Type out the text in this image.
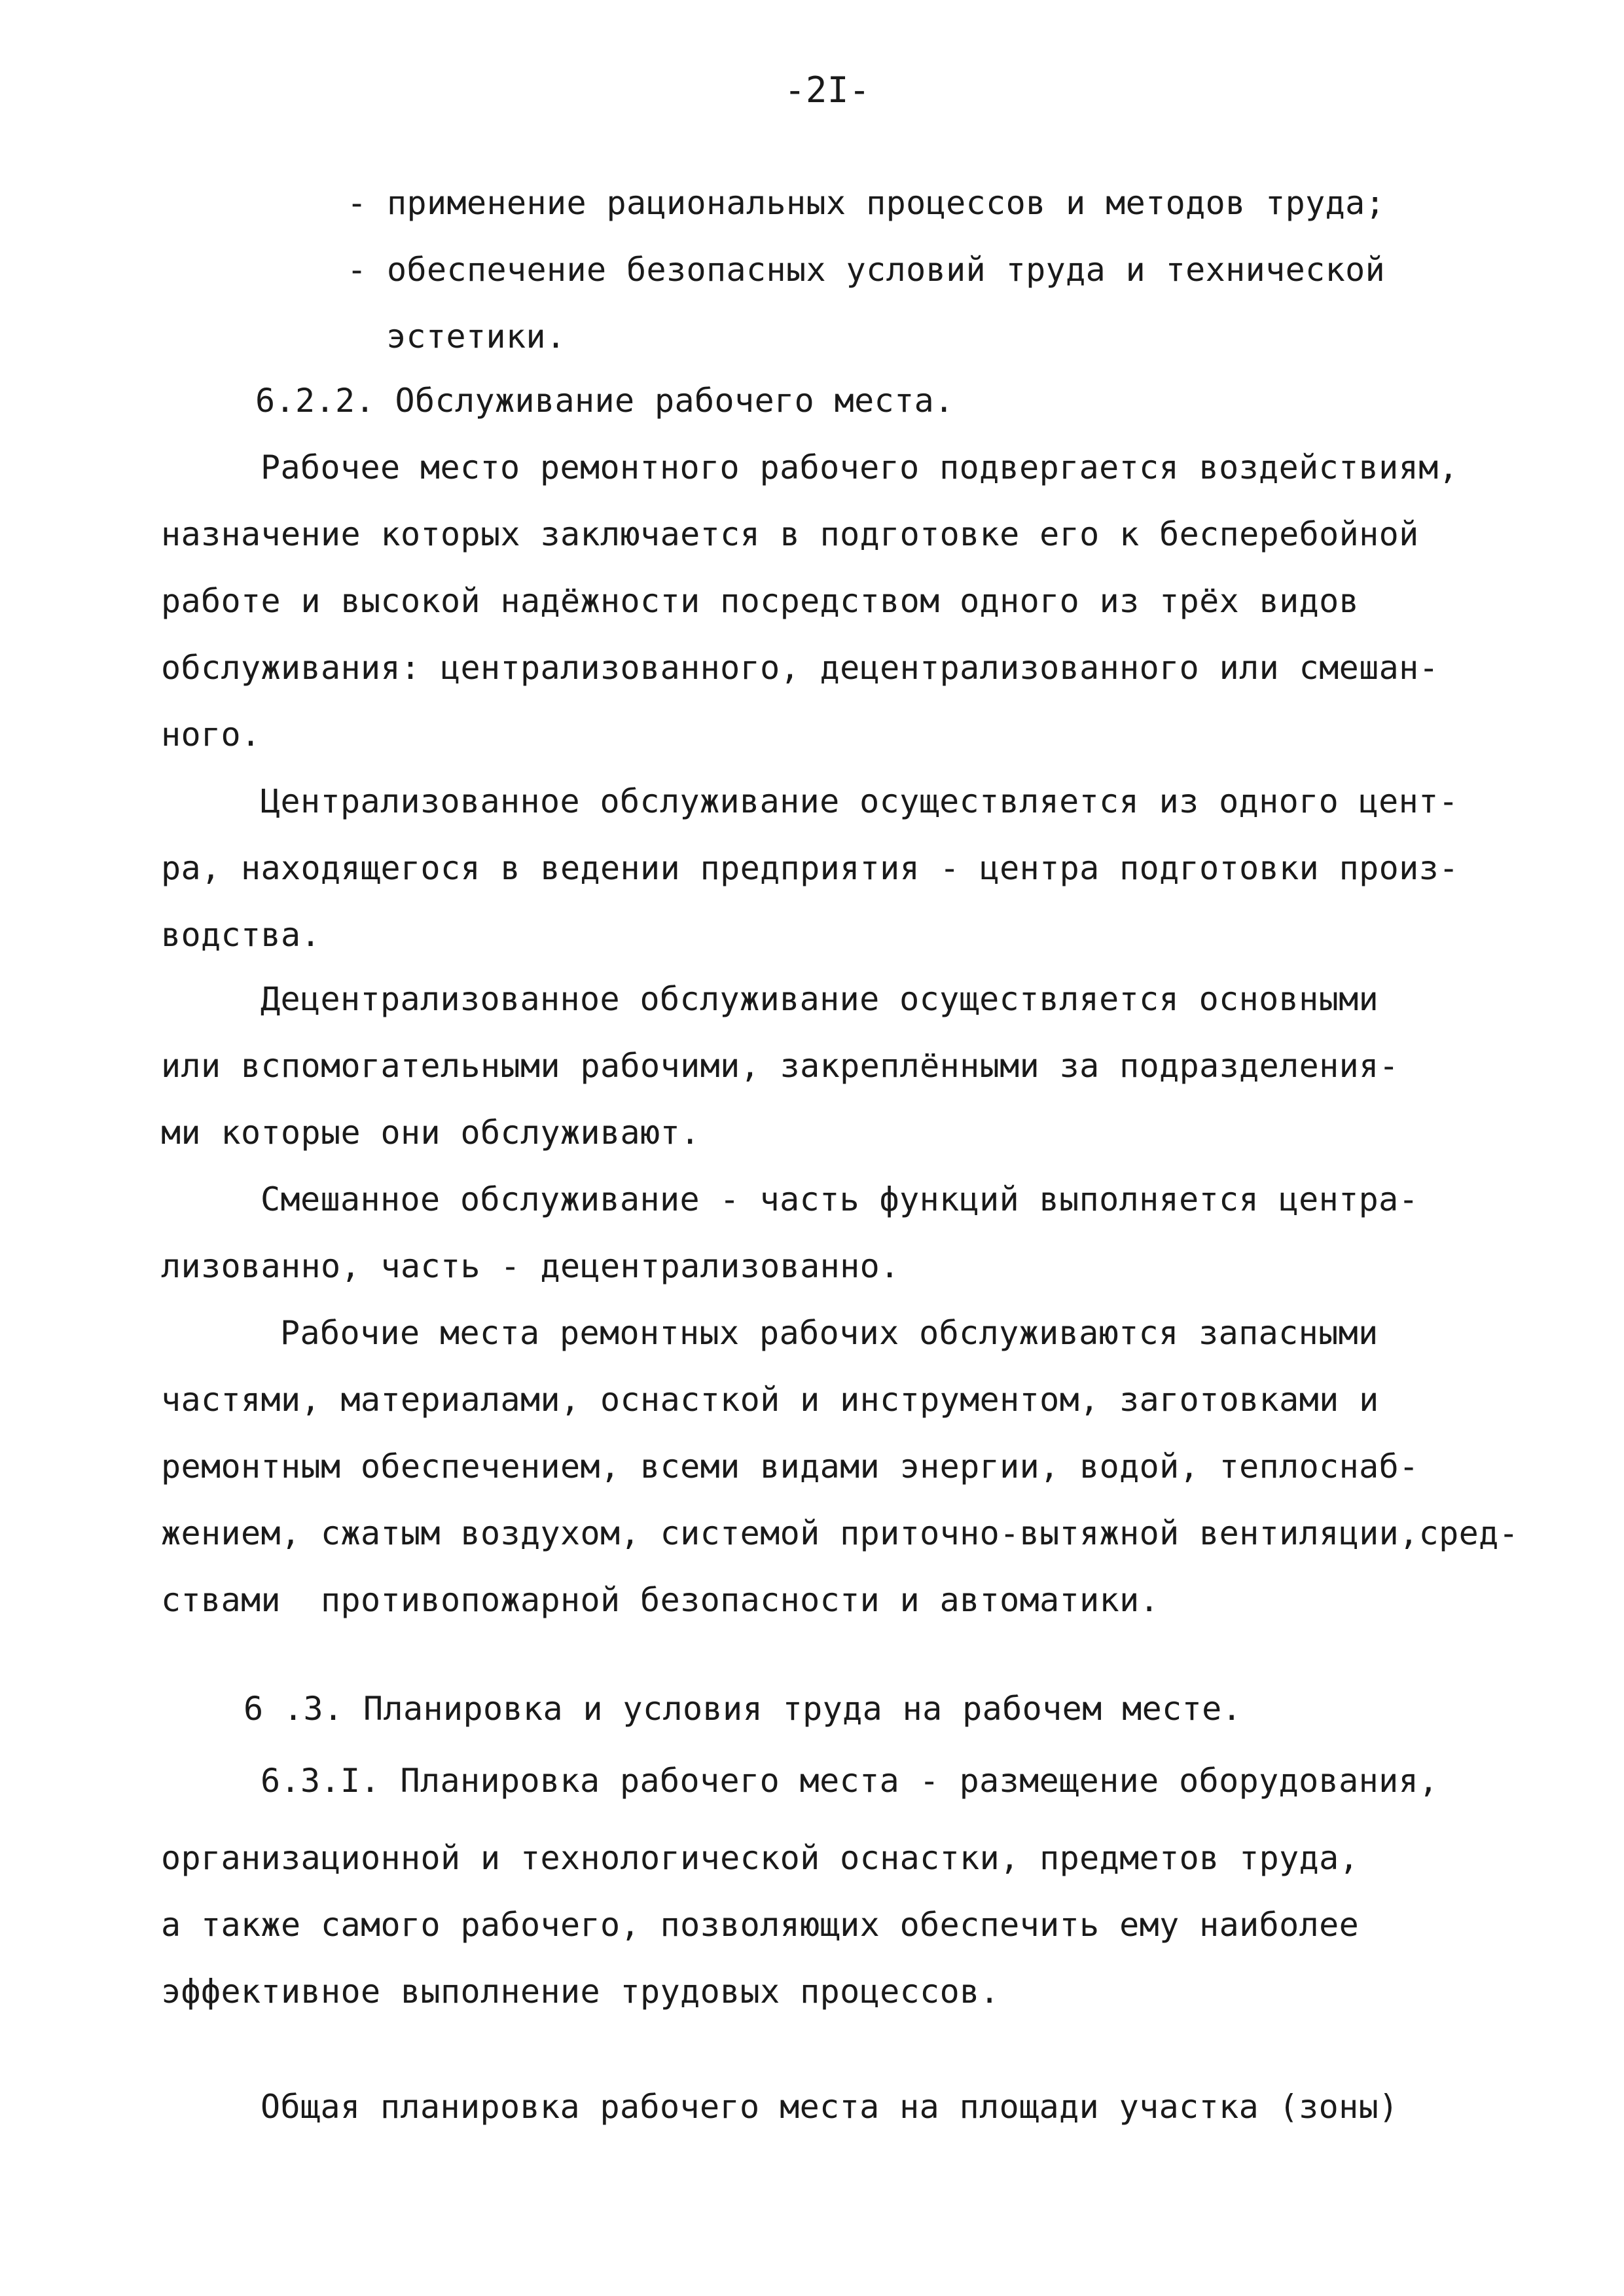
-2I-
- применение рациональных процессов и методов труда;
- обеспечение безопасных условий труда и технической
эстетики.
6.2.2. Обслуживание рабочего места.
Рабочее место ремонтного рабочего подвергается воздействиям,
назначение которых заключается в подготовке его к бесперебойной
работе и высокой надёжности посредством одного из трёх видов
обслуживания: централизованного, децентрализованного или смешан-
ного.
Централизованное обслуживание осуществляется из одного цент-
ра, находящегося в ведении предприятия - центра подготовки произ-
водства.
Децентрализованное обслуживание осуществляется основными
или вспомогательными рабочими, закреплёнными за подразделения-
ми которые они обслуживают.
Смешанное обслуживание - часть функций выполняется центра-
лизованно, часть - децентрализованно.
Рабочие места ремонтных рабочих обслуживаются запасными
частями, материалами, оснасткой и инструментом, заготовками и
ремонтным обеспечением, всеми видами энергии, водой, теплоснаб-
жением, сжатым воздухом, системой приточно-вытяжной вентиляции,сред-
ствами  противопожарной безопасности и автоматики.
6 .3. Планировка и условия труда на рабочем месте.
6.3.I. Планировка рабочего места - размещение оборудования,
организационной и технологической оснастки, предметов труда,
а также самого рабочего, позволяющих обеспечить ему наиболее
эффективное выполнение трудовых процессов.
Общая планировка рабочего места на площади участка (зоны)
